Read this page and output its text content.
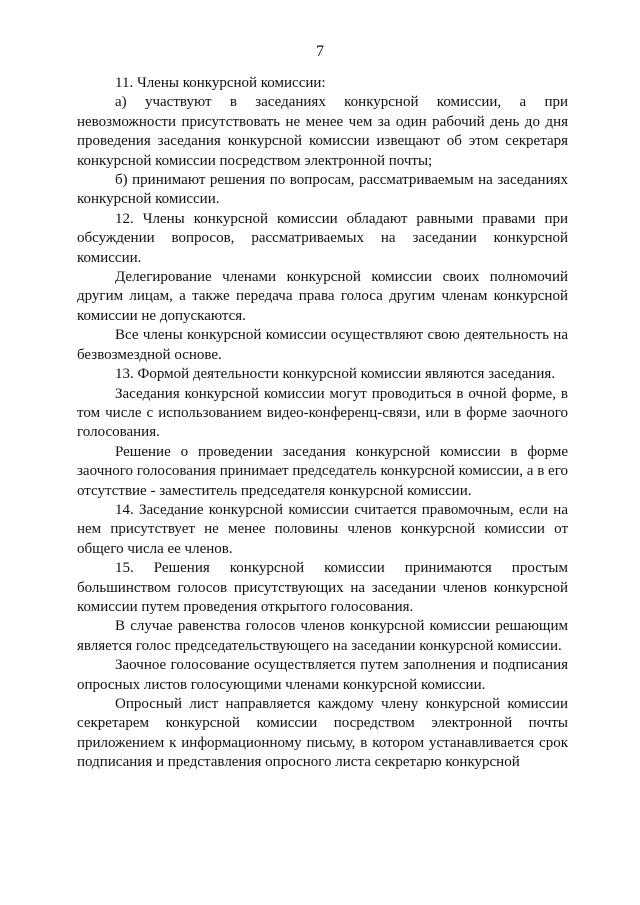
7

11. Члены конкурсной комиссии:

а) участвуют в заседаниях конкурсной комиссии, а при невозможности присутствовать не менее чем за один рабочий день до дня проведения заседания конкурсной комиссии извещают об этом секретаря конкурсной комиссии посредством электронной почты;

б) принимают решения по вопросам, рассматриваемым на заседаниях конкурсной комиссии.

12. Члены конкурсной комиссии обладают равными правами при обсуждении вопросов, рассматриваемых на заседании конкурсной комиссии.

Делегирование членами конкурсной комиссии своих полномочий другим лицам, а также передача права голоса другим членам конкурсной комиссии не допускаются.

Все члены конкурсной комиссии осуществляют свою деятельность на безвозмездной основе.

13. Формой деятельности конкурсной комиссии являются заседания.

Заседания конкурсной комиссии могут проводиться в очной форме, в том числе с использованием видео-конференц-связи, или в форме заочного голосования.

Решение о проведении заседания конкурсной комиссии в форме заочного голосования принимает председатель конкурсной комиссии, а в его отсутствие - заместитель председателя конкурсной комиссии.

14. Заседание конкурсной комиссии считается правомочным, если на нем присутствует не менее половины членов конкурсной комиссии от общего числа ее членов.

15. Решения конкурсной комиссии принимаются простым большинством голосов присутствующих на заседании членов конкурсной комиссии путем проведения открытого голосования.

В случае равенства голосов членов конкурсной комиссии решающим является голос председательствующего на заседании конкурсной комиссии.

Заочное голосование осуществляется путем заполнения и подписания опросных листов голосующими членами конкурсной комиссии.

Опросный лист направляется каждому члену конкурсной комиссии секретарем конкурсной комиссии посредством электронной почты приложением к информационному письму, в котором устанавливается срок подписания и представления опросного листа секретарю конкурсной
